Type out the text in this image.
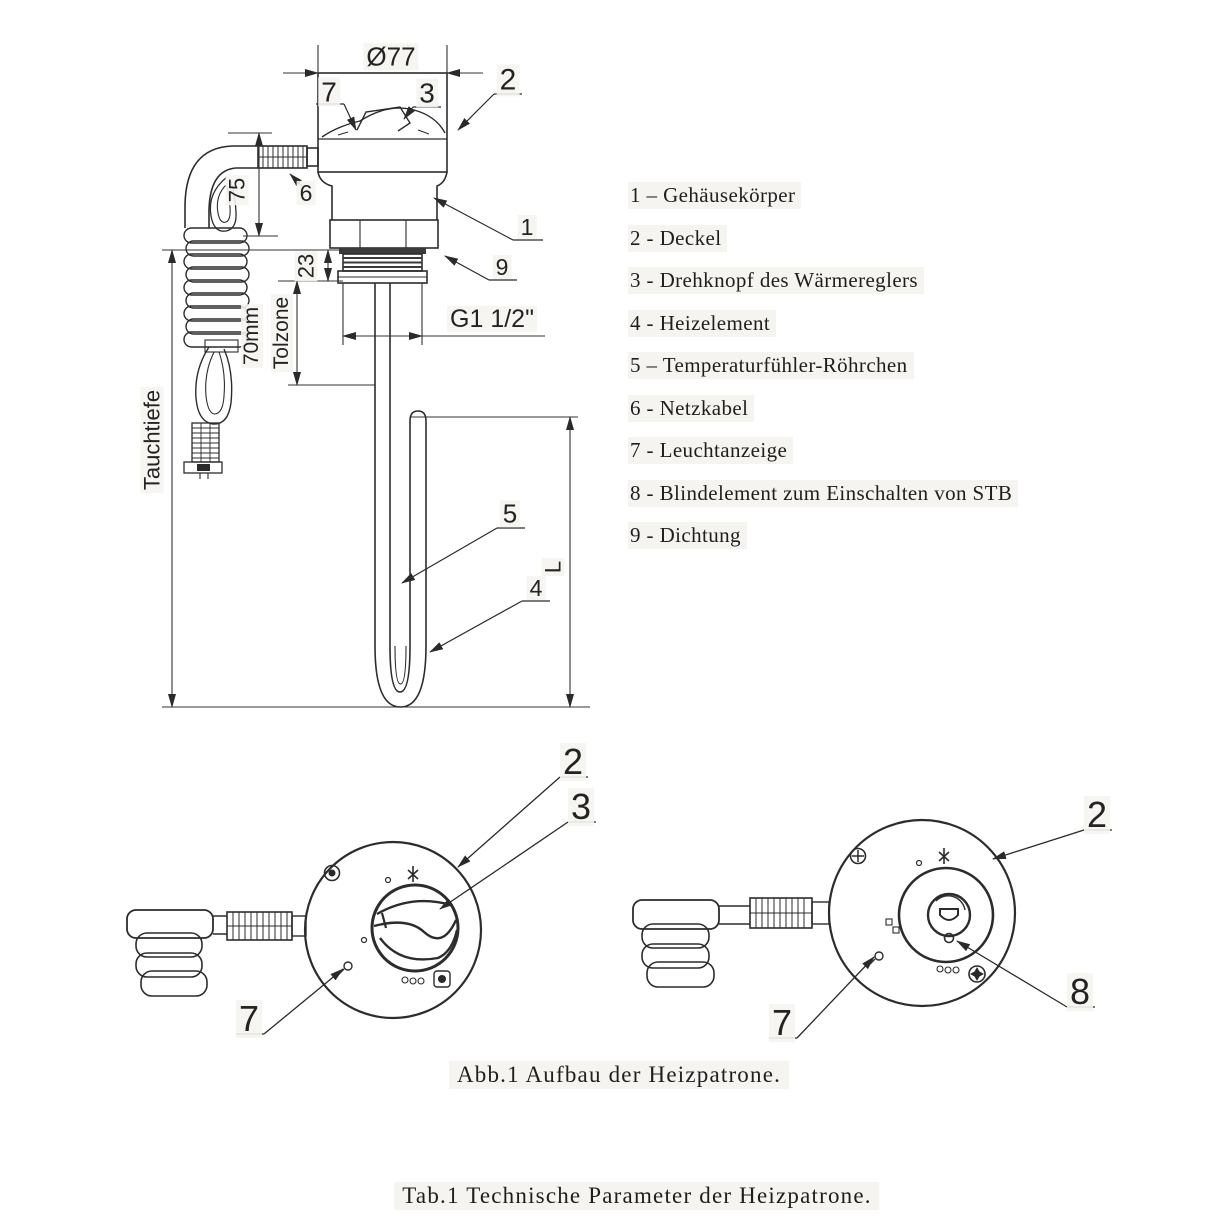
Ø77
75
23
70mm Tolzone
Tauchtiefe
G1 1/2"
L
7	3 2
6
1
9
5
4
2
3
7
2
8
7
1 – Gehäusekörper
2 - Deckel
3 - Drehknopf des Wärmereglers
4 - Heizelement
5 – Temperaturfühler-Röhrchen
6 - Netzkabel
7 - Leuchtanzeige
8 - Blindelement zum Einschalten von STB
9 - Dichtung
Abb.1 Aufbau der Heizpatrone.
Tab.1 Technische Parameter der Heizpatrone.
